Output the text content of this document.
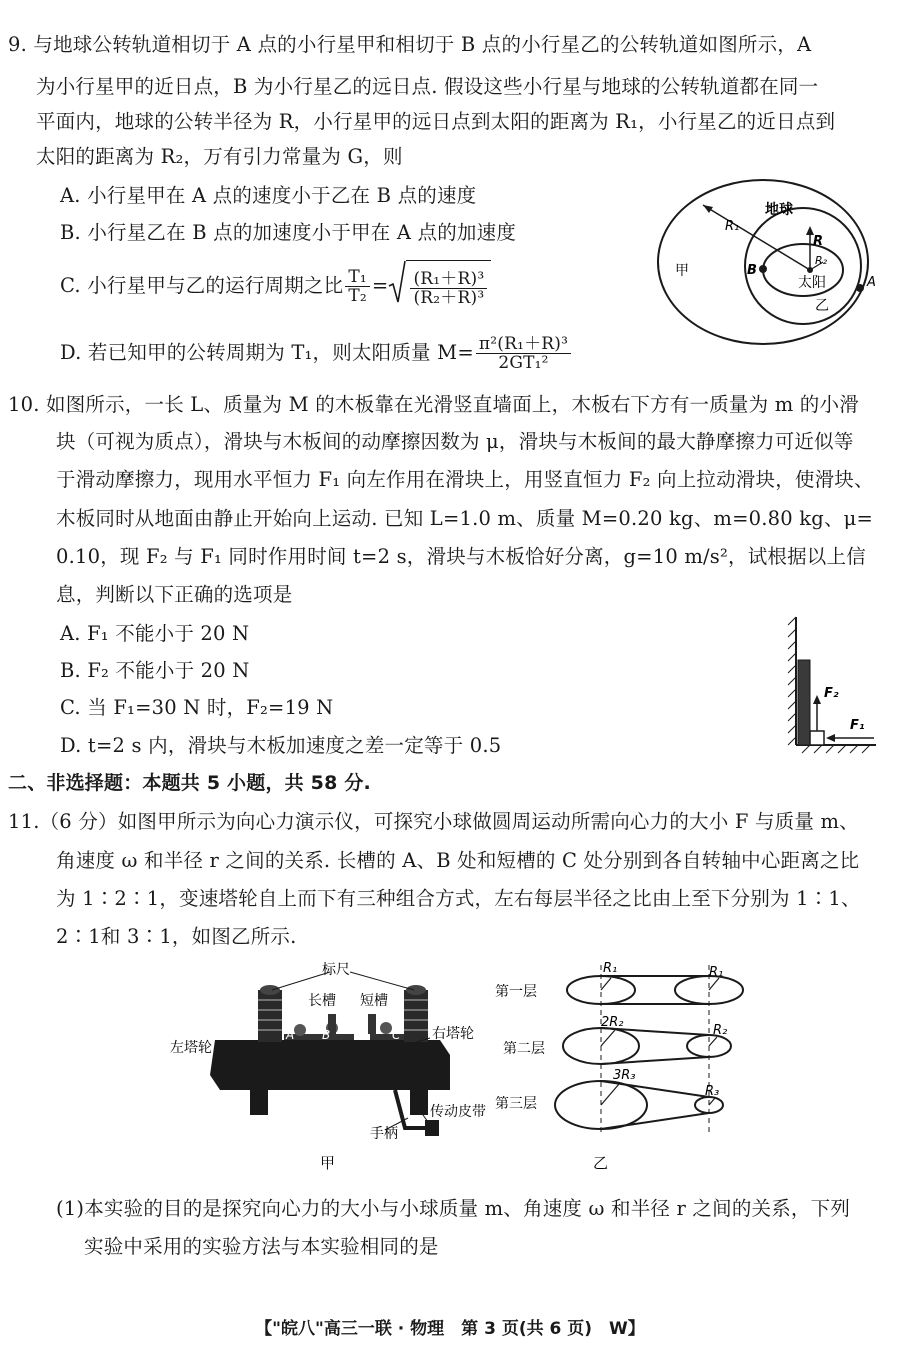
9. 与地球公转轨道相切于 A 点的小行星甲和相切于 B 点的小行星乙的公转轨道如图所示，A
为小行星甲的近日点，B 为小行星乙的远日点. 假设这些小行星与地球的公转轨道都在同一
平面内，地球的公转半径为 R，小行星甲的远日点到太阳的距离为 R₁，小行星乙的近日点到
太阳的距离为 R₂，万有引力常量为 G，则
A. 小行星甲在 A 点的速度小于乙在 B 点的速度
B. 小行星乙在 B 点的加速度小于甲在 A 点的加速度
C. 小行星甲与乙的运行周期之比 $\frac{\text{T₁}}{\text{T₂}} = \frac{\text{(R₁＋R)³}}{\text{(R₂＋R)³}}$
D. 若已知甲的公转周期为 T₁，则太阳质量 $M= \frac{\text{π²(R₁＋R)³}}{\text{2GT₁²}}$
地球
R₁
R
R₂
太阳
甲
乙
A
B
10. 如图所示，一长 L、质量为 M 的木板靠在光滑竖直墙面上，木板右下方有一质量为 m 的小滑
块（可视为质点），滑块与木板间的动摩擦因数为 μ，滑块与木板间的最大静摩擦力可近似等
于滑动摩擦力，现用水平恒力 F₁ 向左作用在滑块上，用竖直恒力 F₂ 向上拉动滑块，使滑块、
木板同时从地面由静止开始向上运动. 已知 L=1.0 m、质量 M=0.20 kg、m=0.80 kg、μ=
0.10，现 F₂ 与 F₁ 同时作用时间 t=2 s，滑块与木板恰好分离，g=10 m/s²，试根据以上信
息，判断以下正确的选项是
A. F₁ 不能小于 20 N
B. F₂ 不能小于 20 N
C. 当 F₁=30 N 时，F₂=19 N
D. t=2 s 内，滑块与木板加速度之差一定等于 0.5
F₂
F₁
二、非选择题：本题共 5 小题，共 58 分.
11.（6 分）如图甲所示为向心力演示仪，可探究小球做圆周运动所需向心力的大小 F 与质量 m、
角速度 ω 和半径 r 之间的关系. 长槽的 A、B 处和短槽的 C 处分别到各自转轴中心距离之比
为 1∶2∶1，变速塔轮自上而下有三种组合方式，左右每层半径之比由上至下分别为 1∶1、
2∶1和 3∶1，如图乙所示.
标尺
长槽 短槽
左塔轮
右塔轮
A B	C
手柄
传动皮带
甲
第一层
第二层
第三层
R₁	R₁
2R₂
R₂
3R₃
R₃
乙
(1)本实验的目的是探究向心力的大小与小球质量 m、角速度 ω 和半径 r 之间的关系，下列
实验中采用的实验方法与本实验相同的是
【"皖八"高三一联 · 物理　第 3 页(共 6 页)　W】
